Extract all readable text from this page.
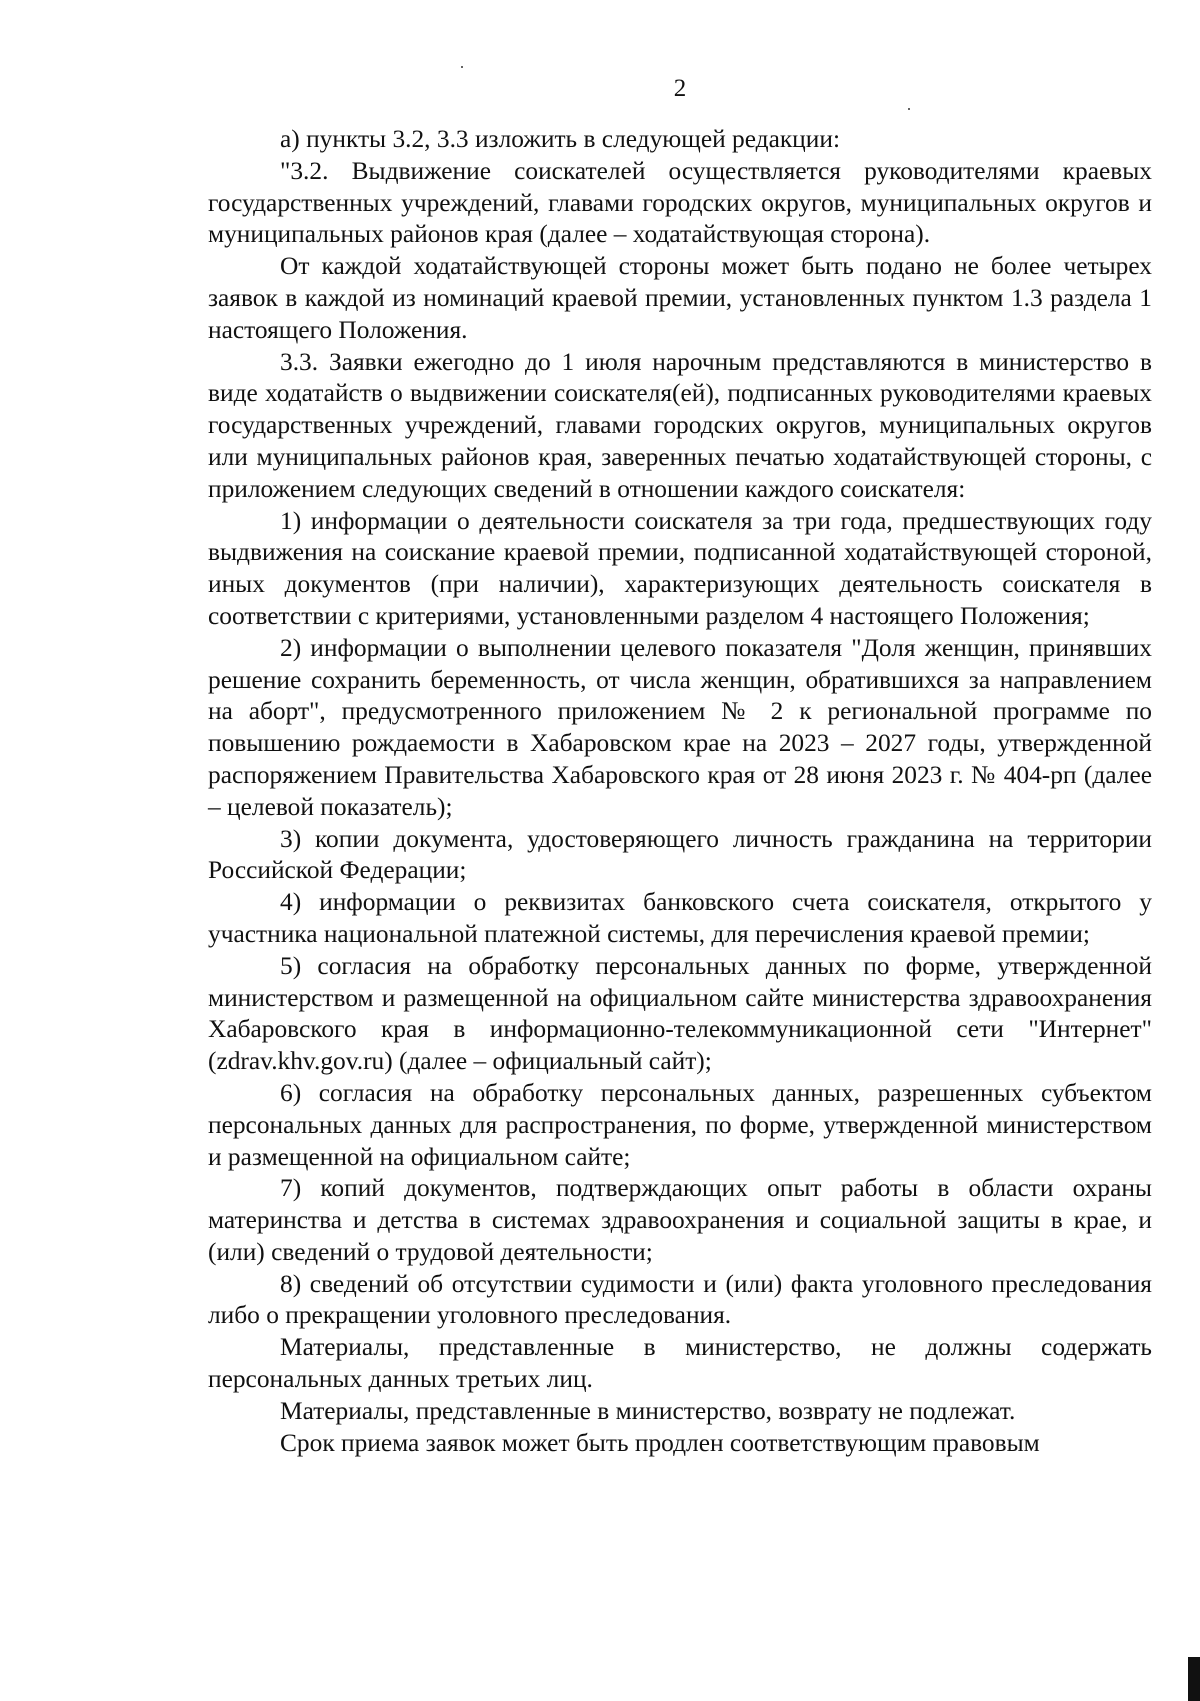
2

а) пункты 3.2, 3.3 изложить в следующей редакции:

"3.2. Выдвижение соискателей осуществляется руководителями краевых государственных учреждений, главами городских округов, муниципальных округов и муниципальных районов края (далее – ходатайствующая сторона).

От каждой ходатайствующей стороны может быть подано не более четырех заявок в каждой из номинаций краевой премии, установленных пунктом 1.3 раздела 1 настоящего Положения.

3.3. Заявки ежегодно до 1 июля нарочным представляются в министерство в виде ходатайств о выдвижении соискателя(ей), подписанных руководителями краевых государственных учреждений, главами городских округов, муниципальных округов или муниципальных районов края, заверенных печатью ходатайствующей стороны, с приложением следующих сведений в отношении каждого соискателя:

1) информации о деятельности соискателя за три года, предшествующих году выдвижения на соискание краевой премии, подписанной ходатайствующей стороной, иных документов (при наличии), характеризующих деятельность соискателя в соответствии с критериями, установленными разделом 4 настоящего Положения;

2) информации о выполнении целевого показателя "Доля женщин, принявших решение сохранить беременность, от числа женщин, обратившихся за направлением на аборт", предусмотренного приложением № 2 к региональной программе по повышению рождаемости в Хабаровском крае на 2023 – 2027 годы, утвержденной распоряжением Правительства Хабаровского края от 28 июня 2023 г. № 404-рп (далее – целевой показатель);

3) копии документа, удостоверяющего личность гражданина на территории Российской Федерации;

4) информации о реквизитах банковского счета соискателя, открытого у участника национальной платежной системы, для перечисления краевой премии;

5) согласия на обработку персональных данных по форме, утвержденной министерством и размещенной на официальном сайте министерства здравоохранения Хабаровского края в информационно-телекоммуникационной сети "Интернет" (zdrav.khv.gov.ru) (далее – официальный сайт);

6) согласия на обработку персональных данных, разрешенных субъектом персональных данных для распространения, по форме, утвержденной министерством и размещенной на официальном сайте;

7) копий документов, подтверждающих опыт работы в области охраны материнства и детства в системах здравоохранения и социальной защиты в крае, и (или) сведений о трудовой деятельности;

8) сведений об отсутствии судимости и (или) факта уголовного преследования либо о прекращении уголовного преследования.

Материалы, представленные в министерство, не должны содержать персональных данных третьих лиц.

Материалы, представленные в министерство, возврату не подлежат.

Срок приема заявок может быть продлен соответствующим правовым
